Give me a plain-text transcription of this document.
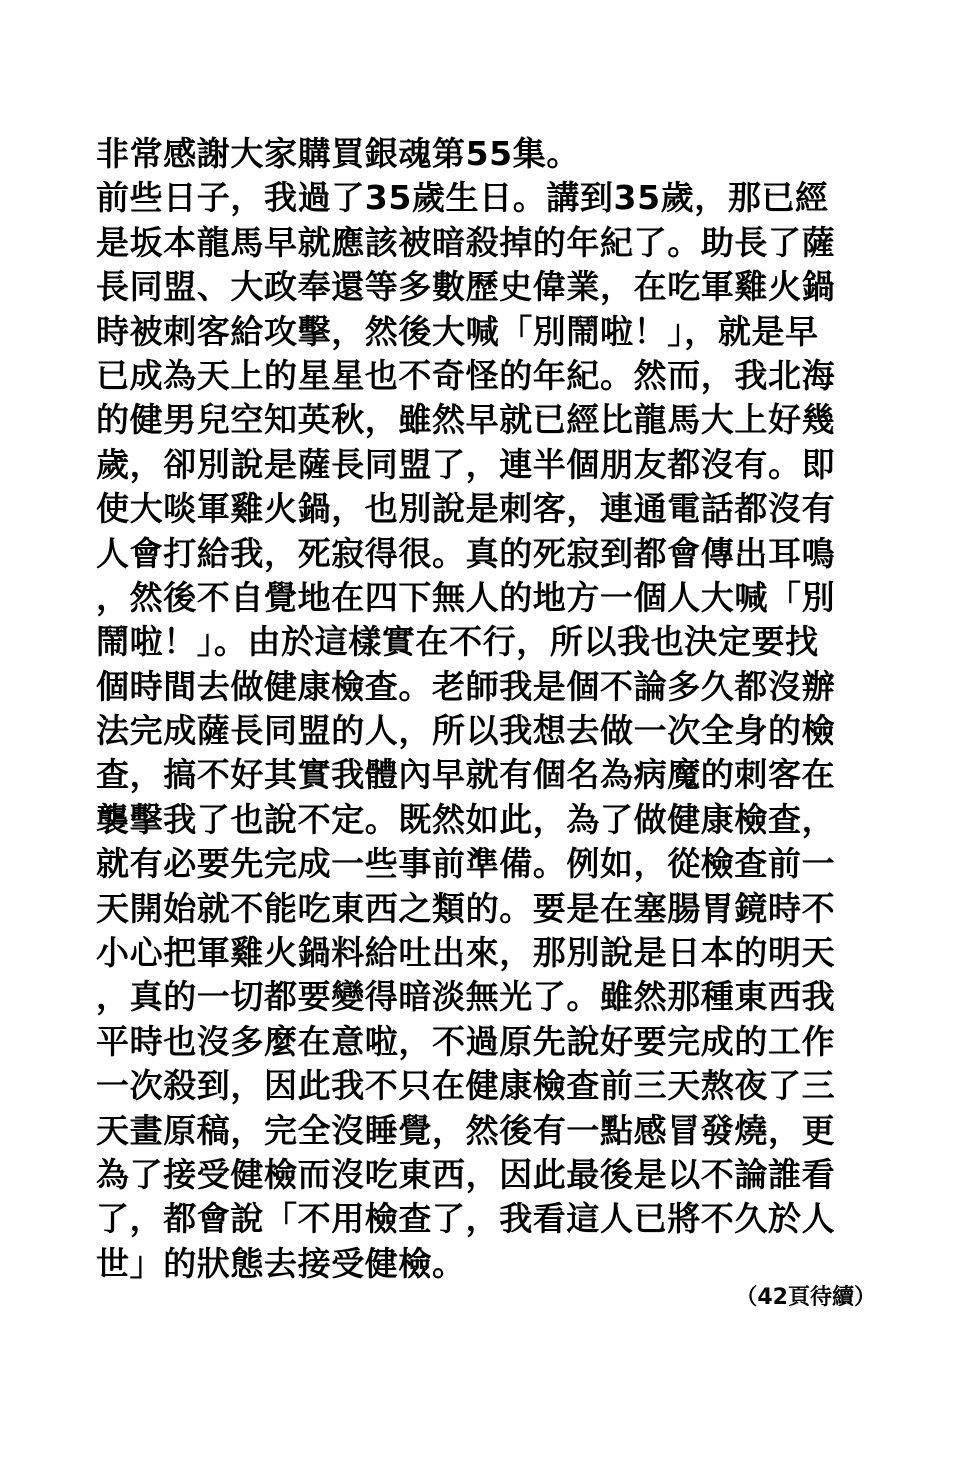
非常感謝大家購買銀魂第55集。
前些日子，我過了35歲生日。講到35歲，那已經
是坂本龍馬早就應該被暗殺掉的年紀了。助長了薩
長同盟、大政奉還等多數歷史偉業，在吃軍雞火鍋
時被刺客給攻擊，然後大喊「別鬧啦！」，就是早
已成為天上的星星也不奇怪的年紀。然而，我北海
的健男兒空知英秋，雖然早就已經比龍馬大上好幾
歲，卻別說是薩長同盟了，連半個朋友都沒有。即
使大啖軍雞火鍋，也別說是刺客，連通電話都沒有
人會打給我，死寂得很。真的死寂到都會傳出耳鳴
，然後不自覺地在四下無人的地方一個人大喊「別
鬧啦！」。由於這樣實在不行，所以我也決定要找
個時間去做健康檢查。老師我是個不論多久都沒辦
法完成薩長同盟的人，所以我想去做一次全身的檢
查，搞不好其實我體內早就有個名為病魔的刺客在
襲擊我了也說不定。既然如此，為了做健康檢查，
就有必要先完成一些事前準備。例如，從檢查前一
天開始就不能吃東西之類的。要是在塞腸胃鏡時不
小心把軍雞火鍋料給吐出來，那別說是日本的明天
，真的一切都要變得暗淡無光了。雖然那種東西我
平時也沒多麼在意啦，不過原先說好要完成的工作
一次殺到，因此我不只在健康檢查前三天熬夜了三
天畫原稿，完全沒睡覺，然後有一點感冒發燒，更
為了接受健檢而沒吃東西，因此最後是以不論誰看
了，都會說「不用檢查了，我看這人已將不久於人
世」的狀態去接受健檢。
（42頁待續）
